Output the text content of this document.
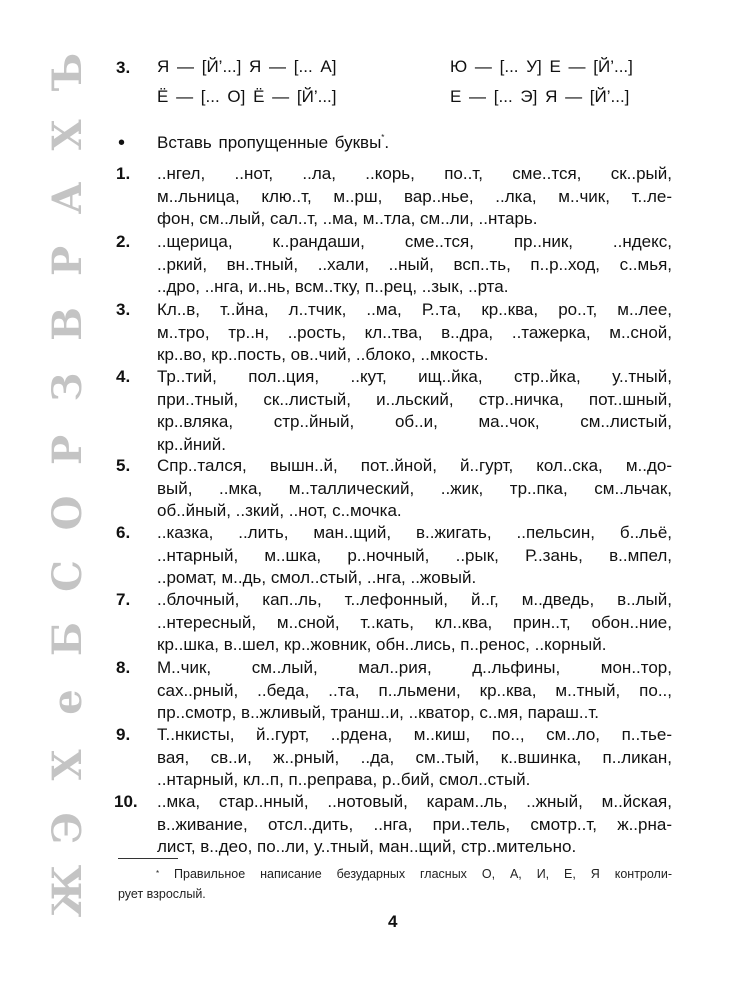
Ъ
Х
А
Р
В
З
Р
О
С
Б
е
Х
Э
Ж
3. Я — [Й’...] Я — [... А]	Ю — [... У] Е — [Й’...]
Ё — [... О] Ё — [Й’...]	Е — [... Э] Я — [Й’...]
• Вставь пропущенные буквы*.
1. ..нгел, ..нот, ..ла, ..корь, по..т, сме..тся, ск..рый,
м..льница, клю..т, м..рш, вар..нье, ..лка, м..чик, т..ле-
фон, см..лый, сал..т, ..ма, м..тла, см..ли, ..нтарь.
2. ..щерица, к..рандаши, сме..тся, пр..ник, ..ндекс,
..ркий, вн..тный, ..хали, ..ный, всп..ть, п..р..ход, с..мья,
..дро, ..нга, и..нь, всм..тку, п..рец, ..зык, ..рта.
3. Кл..в, т..йна, л..тчик, ..ма, Р..та, кр..ква, ро..т, м..лее,
м..тро, тр..н, ..рость, кл..тва, в..дра, ..тажерка, м..сной,
кр..во, кр..пость, ов..чий, ..блоко, ..мкость.
4. Тр..тий, пол..ция, ..кут, ищ..йка, стр..йка, у..тный,
при..тный, ск..листый, и..льский, стр..ничка, пот..шный,
кр..вляка, стр..йный, об..и, ма..чок, см..листый,
кр..йний.
5. Спр..тался, вышн..й, пот..йной, й..гурт, кол..ска, м..до-
вый, ..мка, м..таллический, ..жик, тр..пка, см..льчак,
об..йный, ..зкий, ..нот, с..мочка.
6. ..казка, ..лить, ман..щий, в..жигать, ..пельсин, б..льё,
..нтарный, м..шка, р..ночный, ..рык, Р..зань, в..мпел,
..ромат, м..дь, смол..стый, ..нга, ..жовый.
7. ..блочный, кап..ль, т..лефонный, й..г, м..дведь, в..лый,
..нтересный, м..сной, т..кать, кл..ква, прин..т, обон..ние,
кр..шка, в..шел, кр..жовник, обн..лись, п..ренос, ..корный.
8. М..чик, см..лый, мал..рия, д..льфины, мон..тор,
сах..рный, ..беда, ..та, п..льмени, кр..ква, м..тный, по..,
пр..смотр, в..жливый, транш..и, ..кватор, с..мя, параш..т.
9. Т..нкисты, й..гурт, ..рдена, м..киш, по.., см..ло, п..тье-
вая, св..и, ж..рный, ..да, см..тый, к..вшинка, п..ликан,
..нтарный, кл..п, п..реправа, р..бий, смол..стый.
10. ..мка, стар..нный, ..нотовый, карам..ль, ..жный, м..йская,
в..живание, отсл..дить, ..нга, при..тель, смотр..т, ж..рна-
лист, в..део, по..ли, у..тный, ман..щий, стр..мительно.
* Правильное написание безударных гласных О, А, И, Е, Я контроли-
рует взрослый.
4
